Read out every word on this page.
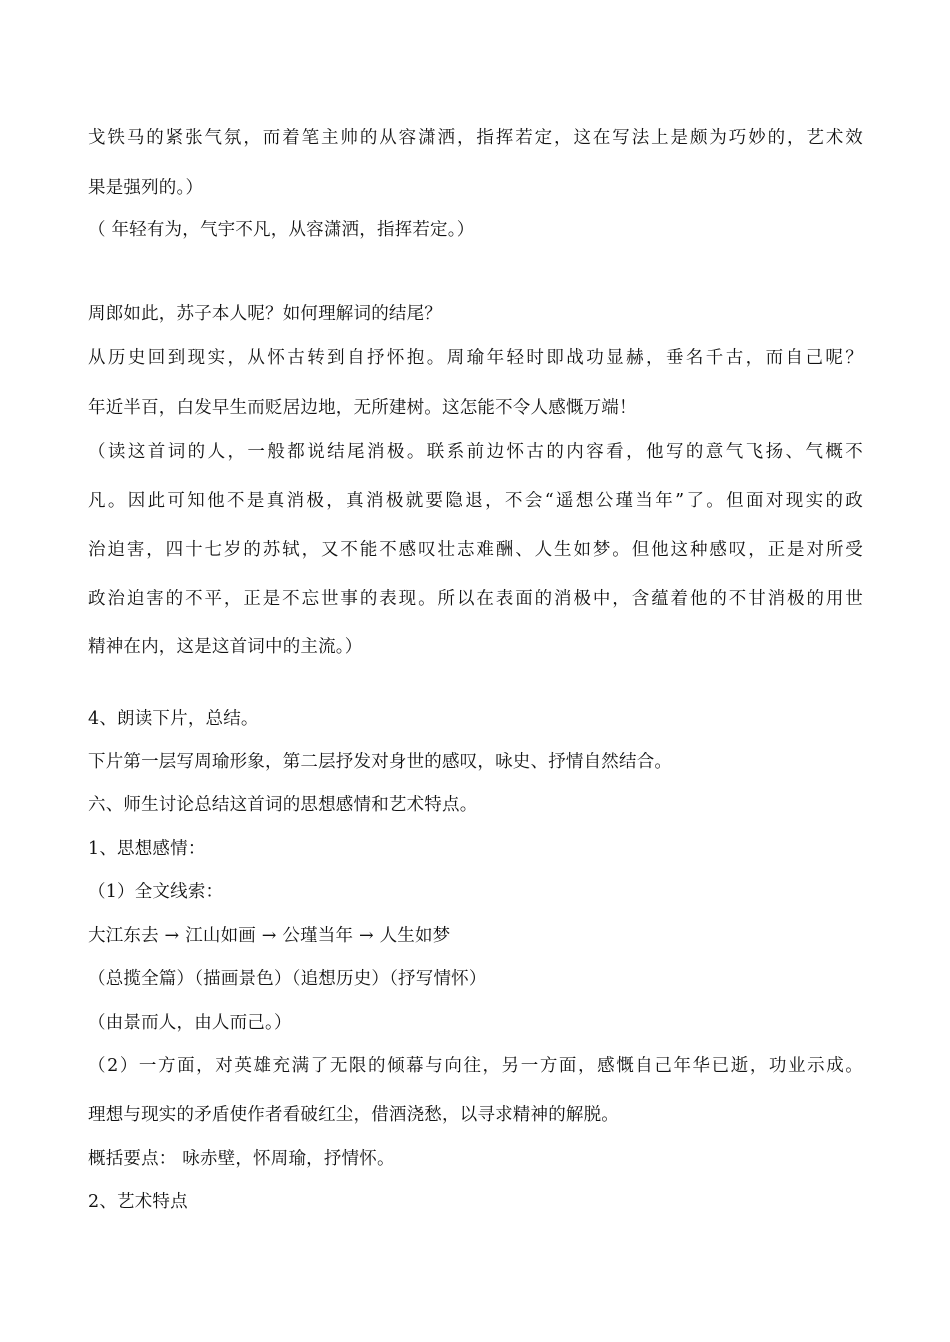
戈铁马的紧张气氛，而着笔主帅的从容潇洒，指挥若定，这在写法上是颇为巧妙的，艺术效
果是强列的。）
（ 年轻有为，气宇不凡，从容潇洒，指挥若定。）
周郎如此，苏子本人呢？如何理解词的结尾？
从历史回到现实，从怀古转到自抒怀抱。周瑜年轻时即战功显赫，垂名千古，而自己呢？
年近半百，白发早生而贬居边地，无所建树。这怎能不令人感慨万端！
（读这首词的人，一般都说结尾消极。联系前边怀古的内容看，他写的意气飞扬、气概不
凡。因此可知他不是真消极，真消极就要隐退，不会“遥想公瑾当年”了。但面对现实的政
治迫害，四十七岁的苏轼，又不能不感叹壮志难酬、人生如梦。但他这种感叹，正是对所受
政治迫害的不平，正是不忘世事的表现。所以在表面的消极中，含蕴着他的不甘消极的用世
精神在内，这是这首词中的主流。）
4、朗读下片，总结。
下片第一层写周瑜形象，第二层抒发对身世的感叹，咏史、抒情自然结合。
六、师生讨论总结这首词的思想感情和艺术特点。
1、思想感情：
（1）全文线索：
大江东去 → 江山如画 → 公瑾当年 → 人生如梦
（总揽全篇）（描画景色）（追想历史）（抒写情怀）
（由景而人，由人而己。）
（2）一方面，对英雄充满了无限的倾幕与向往，另一方面，感慨自己年华已逝，功业示成。
理想与现实的矛盾使作者看破红尘，借酒浇愁，以寻求精神的解脱。
概括要点： 咏赤壁，怀周瑜，抒情怀。
2、艺术特点
